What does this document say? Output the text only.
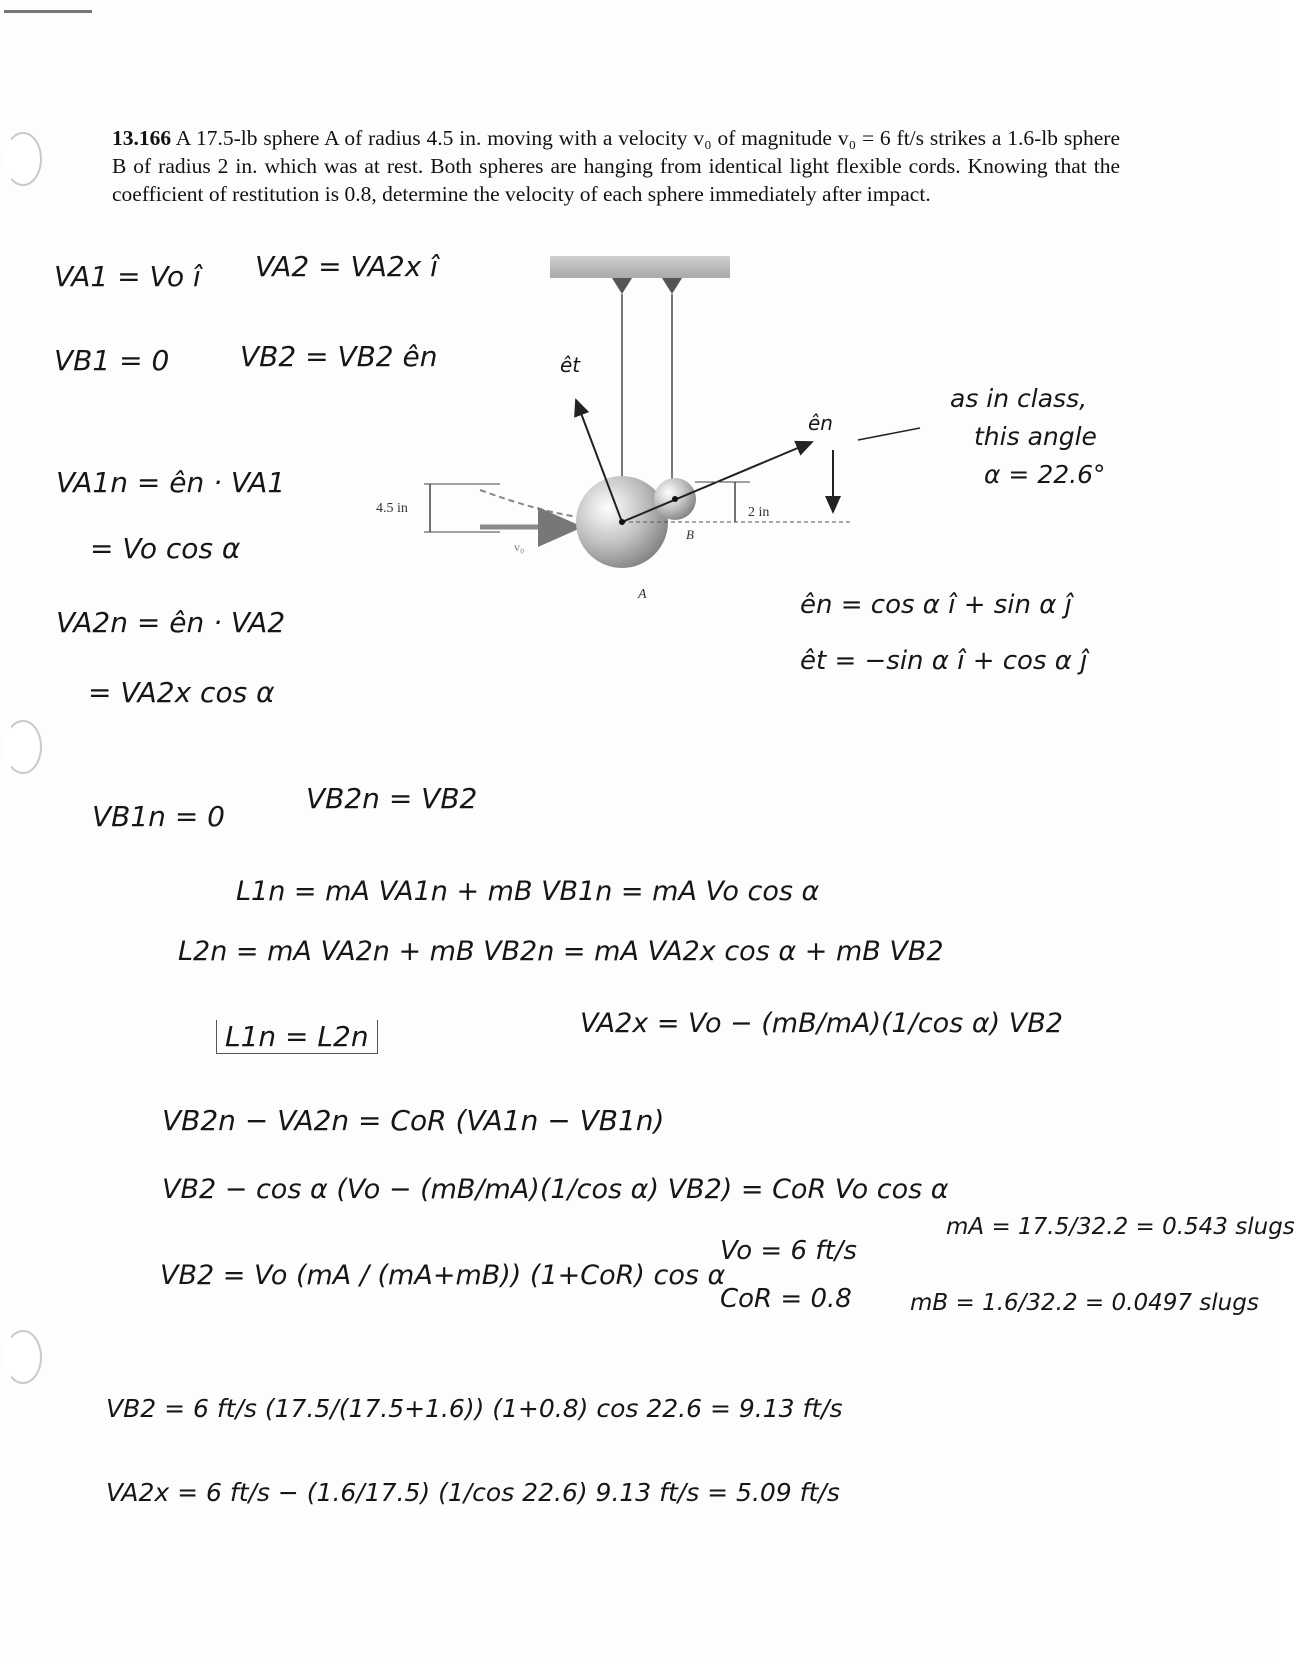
13.166 A 17.5-lb sphere A of radius 4.5 in. moving with a velocity v₀ of magnitude v₀ = 6 ft/s strikes a 1.6-lb sphere B of radius 2 in. which was at rest. Both spheres are hanging from identical light flexible cords. Knowing that the coefficient of restitution is 0.8, determine the velocity of each sphere immediately after impact.
4.5 in	2 in
A
B
v₀
êt
ên
VA1 = Vo î VA2 = VA2x î
VB1 = 0	VB2 = VB2 ên
VA1n = ên · VA1
= Vo cos α
VA2n = ên · VA2
= VA2x cos α
as in class,
this angle
α = 22.6°
ên = cos α î + sin α ĵ
êt = −sin α î + cos α ĵ
VB1n = 0
VB2n = VB2
L1n = mA VA1n + mB VB1n = mA Vo cos α
L2n = mA VA2n + mB VB2n = mA VA2x cos α + mB VB2
L1n = L2n	VA2x = Vo − (mB/mA)(1/cos α) VB2
VB2n − VA2n = CoR (VA1n − VB1n)
VB2 − cos α (Vo − (mB/mA)(1/cos α) VB2) = CoR Vo cos α
VB2 = Vo (mA / (mA+mB)) (1+CoR) cos α
Vo = 6 ft/s
CoR = 0.8
mA = 17.5/32.2 = 0.543 slugs
mB = 1.6/32.2 = 0.0497 slugs
VB2 = 6 ft/s (17.5/(17.5+1.6)) (1+0.8) cos 22.6 = 9.13 ft/s
VA2x = 6 ft/s − (1.6/17.5) (1/cos 22.6) 9.13 ft/s = 5.09 ft/s
